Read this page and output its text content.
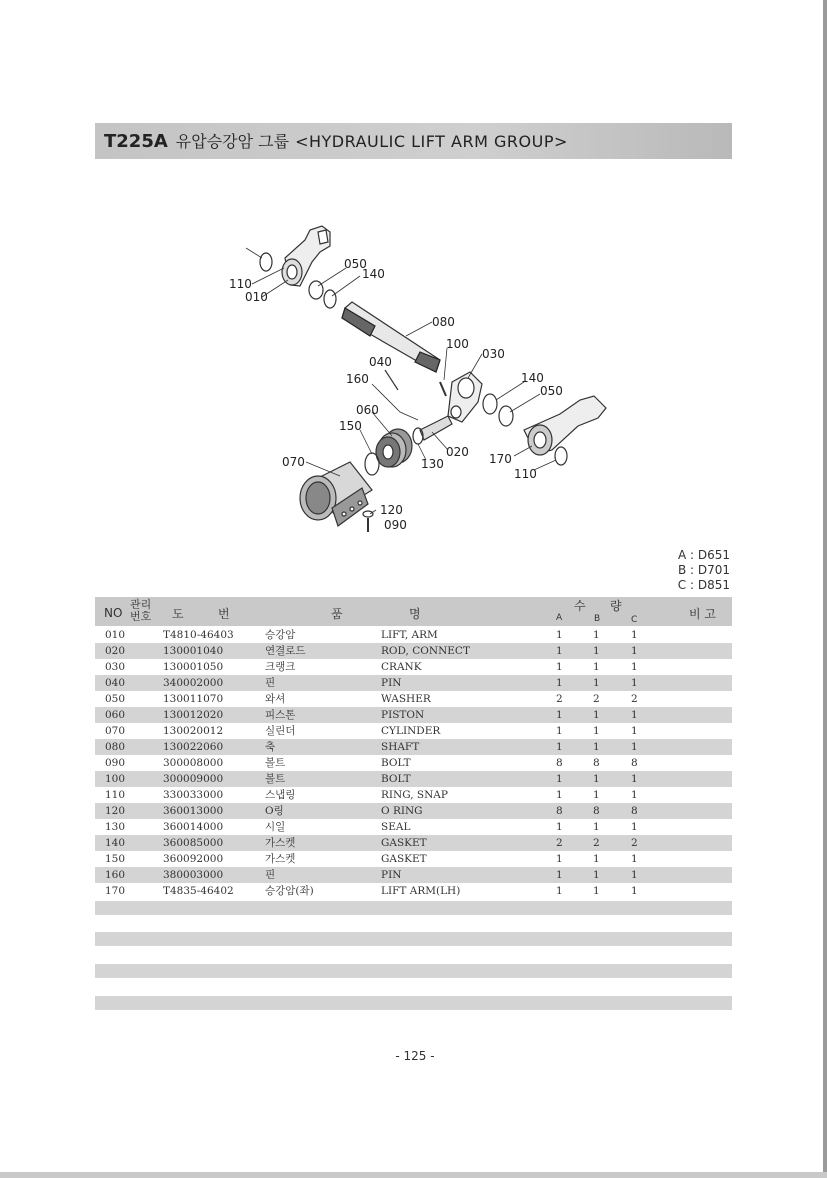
T225A 유압승강암 그룹 <HYDRAULIC LIFT ARM GROUP>
110
010
050
140
080
100
030
040
160	140
050
060
150
020
130	170
110
070
120
090
A : D651
B : D701
C : D851
NO
관리
번호 도	번	품	명
수 량
A	B	C	비 고
010	T4810-46403	승강암	LIFT, ARM	1	1	1
020	130001040	연결로드	ROD, CONNECT	1	1	1
030	130001050	크랭크	CRANK	1	1	1
040	340002000	핀	PIN	1	1	1
050	130011070	와셔	WASHER	2	2	2
060	130012020	피스톤	PISTON	1	1	1
070	130020012	실린더	CYLINDER	1	1	1
080	130022060	축	SHAFT	1	1	1
090	300008000	볼트	BOLT	8	8	8
100	300009000	볼트	BOLT	1	1	1
110	330033000	스냅링	RING, SNAP	1	1	1
120	360013000	O링	O RING	8	8	8
130	360014000	시일	SEAL	1	1	1
140	360085000	가스켓	GASKET	2	2	2
150	360092000	가스켓	GASKET	1	1	1
160	380003000	핀	PIN	1	1	1
170	T4835-46402	승강암(좌)	LIFT ARM(LH)	1	1	1
- 125 -
